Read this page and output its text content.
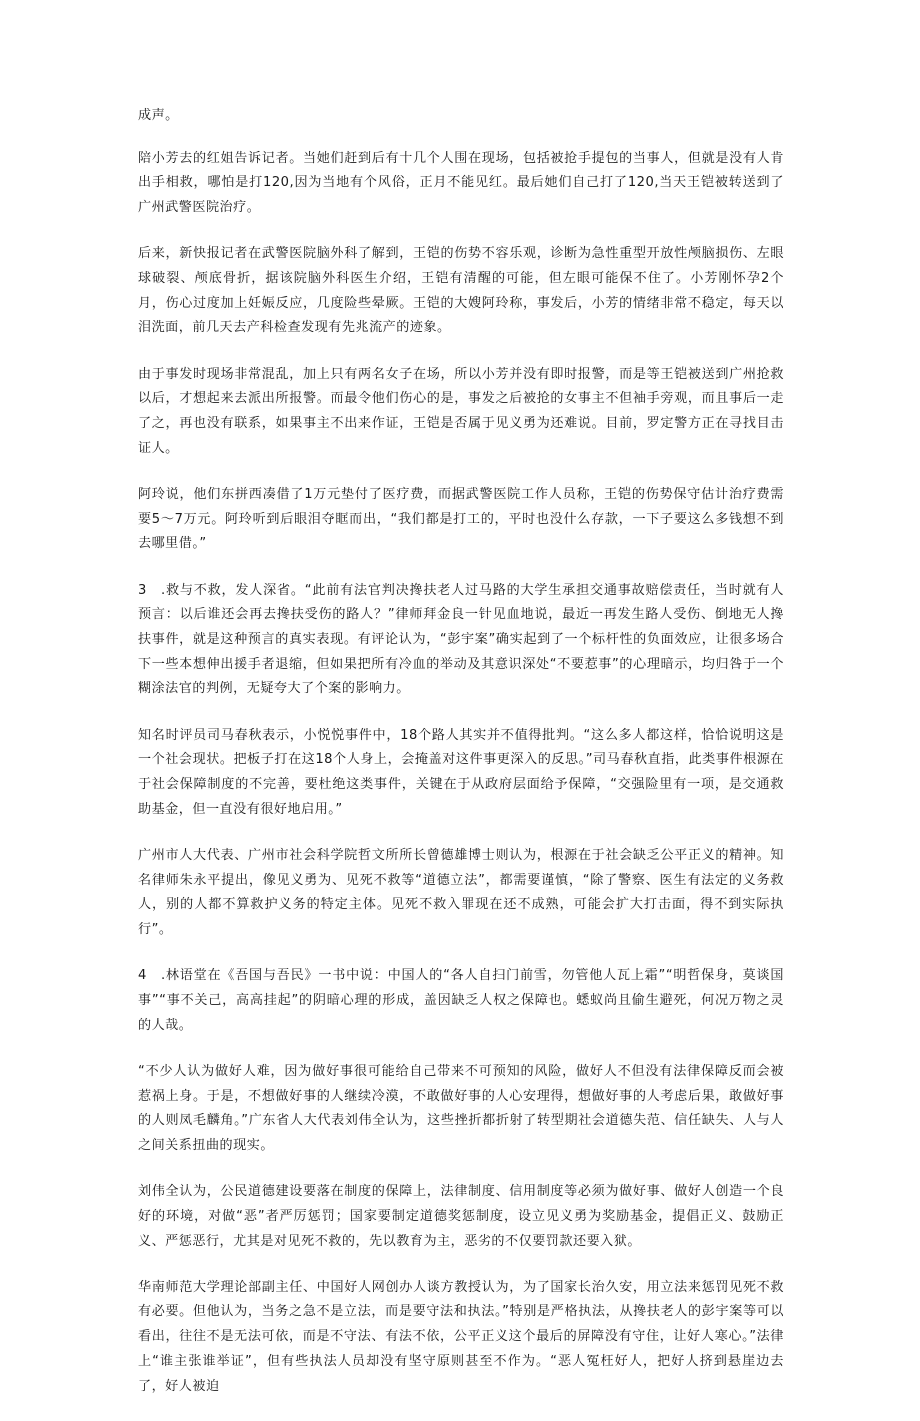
成声。

陪小芳去的红姐告诉记者。当她们赶到后有十几个人围在现场，包括被抢手提包的当事人，但就是没有人肯出手相救，哪怕是打120,因为当地有个风俗，正月不能见红。最后她们自己打了120,当天王铠被转送到了广州武警医院治疗。

后来，新快报记者在武警医院脑外科了解到，王铠的伤势不容乐观，诊断为急性重型开放性颅脑损伤、左眼球破裂、颅底骨折，据该院脑外科医生介绍，王铠有清醒的可能，但左眼可能保不住了。小芳刚怀孕2个月，伤心过度加上妊娠反应，几度险些晕厥。王铠的大嫂阿玲称，事发后，小芳的情绪非常不稳定，每天以泪洗面，前几天去产科检查发现有先兆流产的迹象。

由于事发时现场非常混乱，加上只有两名女子在场，所以小芳并没有即时报警，而是等王铠被送到广州抢救以后，才想起来去派出所报警。而最令他们伤心的是，事发之后被抢的女事主不但袖手旁观，而且事后一走了之，再也没有联系，如果事主不出来作证，王铠是否属于见义勇为还难说。目前，罗定警方正在寻找目击证人。

阿玲说，他们东拼西凑借了1万元垫付了医疗费，而据武警医院工作人员称，王铠的伤势保守估计治疗费需要5〜7万元。阿玲听到后眼泪夺眶而出，“我们都是打工的，平时也没什么存款，一下子要这么多钱想不到去哪里借。”

3　.救与不救，发人深省。“此前有法官判决搀扶老人过马路的大学生承担交通事故赔偿责任，当时就有人预言：以后谁还会再去搀扶受伤的路人？”律师拜金良一针见血地说，最近一再发生路人受伤、倒地无人搀扶事件，就是这种预言的真实表现。有评论认为，“彭宇案”确实起到了一个标杆性的负面效应，让很多场合下一些本想伸出援手者退缩，但如果把所有冷血的举动及其意识深处“不要惹事”的心理暗示，均归咎于一个糊涂法官的判例，无疑夸大了个案的影响力。

知名时评员司马春秋表示，小悦悦事件中，18个路人其实并不值得批判。“这么多人都这样，恰恰说明这是一个社会现状。把板子打在这18个人身上，会掩盖对这件事更深入的反思。”司马春秋直指，此类事件根源在于社会保障制度的不完善，要杜绝这类事件，关键在于从政府层面给予保障，“交强险里有一项，是交通救助基金，但一直没有很好地启用。”

广州市人大代表、广州市社会科学院哲文所所长曾德雄博士则认为，根源在于社会缺乏公平正义的精神。知名律师朱永平提出，像见义勇为、见死不救等“道德立法”，都需要谨慎，“除了警察、医生有法定的义务救人，别的人都不算救护义务的特定主体。见死不救入罪现在还不成熟，可能会扩大打击面，得不到实际执行”。

4　.林语堂在《吾国与吾民》一书中说：中国人的“各人自扫门前雪，勿管他人瓦上霜”“明哲保身，莫谈国事”“事不关己，高高挂起”的阴暗心理的形成，盖因缺乏人权之保障也。蟋蚁尚且偷生避死，何况万物之灵的人哉。

“不少人认为做好人难，因为做好事很可能给自己带来不可预知的风险，做好人不但没有法律保障反而会被惹祸上身。于是，不想做好事的人继续冷漠，不敢做好事的人心安理得，想做好事的人考虑后果，敢做好事的人则凤毛麟角。”广东省人大代表刘伟全认为，这些挫折都折射了转型期社会道德失范、信任缺失、人与人之间关系扭曲的现实。

刘伟全认为，公民道德建设要落在制度的保障上，法律制度、信用制度等必须为做好事、做好人创造一个良好的环境，对做“恶”者严厉惩罚；国家要制定道德奖惩制度，设立见义勇为奖励基金，提倡正义、鼓励正义、严惩恶行，尤其是对见死不救的，先以教育为主，恶劣的不仅要罚款还要入狱。

华南师范大学理论部副主任、中国好人网创办人谈方教授认为，为了国家长治久安，用立法来惩罚见死不救有必要。但他认为，当务之急不是立法，而是要守法和执法。”特别是严格执法，从搀扶老人的彭宇案等可以看出，往往不是无法可依，而是不守法、有法不依，公平正义这个最后的屏障没有守住，让好人寒心。”法律上“谁主张谁举证”，但有些执法人员却没有坚守原则甚至不作为。“恶人冤枉好人，把好人挤到悬崖边去了，好人被迫
